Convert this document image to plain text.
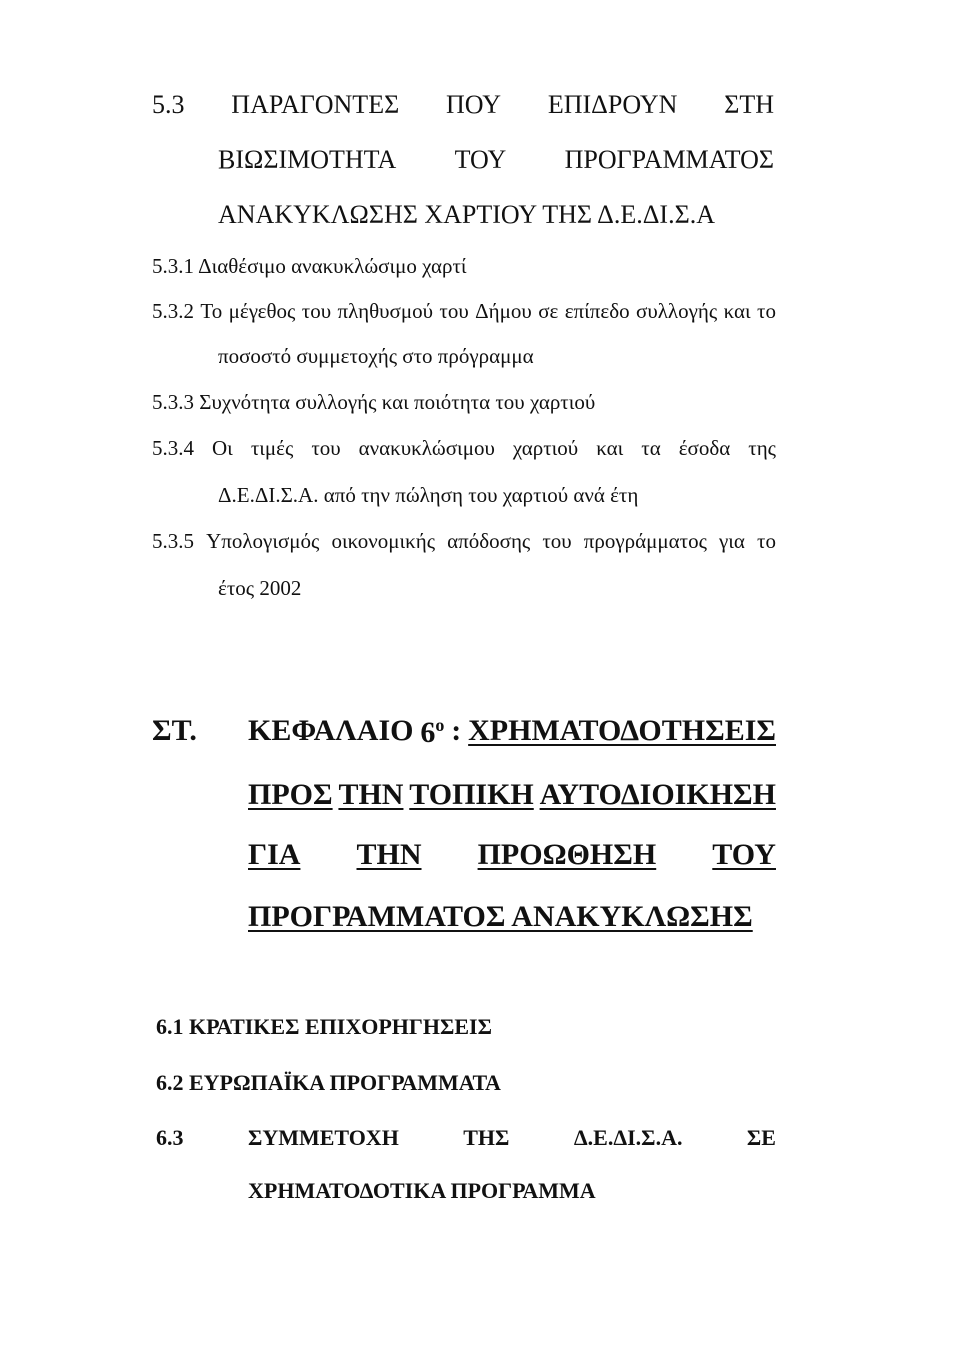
5.3 ΠΑΡΑΓΟΝΤΕΣ ΠΟΥ ΕΠΙΔΡΟΥΝ ΣΤΗ
ΒΙΩΣΙΜΟΤΗΤΑ ΤΟΥ ΠΡΟΓΡΑΜΜΑΤΟΣ
ΑΝΑΚΥΚΛΩΣΗΣ ΧΑΡΤΙΟΥ ΤΗΣ Δ.Ε.ΔΙ.Σ.Α
5.3.1 Διαθέσιμο ανακυκλώσιμο χαρτί
5.3.2 Το μέγεθος του πληθυσμού του Δήμου σε επίπεδο συλλογής και το
ποσοστό συμμετοχής στο πρόγραμμα
5.3.3 Συχνότητα συλλογής και ποιότητα του χαρτιού
5.3.4 Οι τιμές του ανακυκλώσιμου χαρτιού και τα έσοδα της
Δ.Ε.ΔΙ.Σ.Α. από την πώληση του χαρτιού ανά έτη
5.3.5 Υπολογισμός οικονομικής απόδοσης του προγράμματος για το
έτος 2002
ΣΤ. ΚΕΦΑΛΑΙΟ $6^o$ : ΧΡΗΜΑΤΟΔΟΤΗΣΕΙΣ
ΠΡΟΣ ΤΗΝ ΤΟΠΙΚΗ ΑΥΤΟΔΙΟΙΚΗΣΗ
ΓΙΑ ΤΗΝ ΠΡΟΩΘΗΣΗ ΤΟΥ
ΠΡΟΓΡΑΜΜΑΤΟΣ ΑΝΑΚΥΚΛΩΣΗΣ
6.1 ΚΡΑΤΙΚΕΣ ΕΠΙΧΟΡΗΓΗΣΕΙΣ
6.2 ΕΥΡΩΠΑΪΚΑ ΠΡΟΓΡΑΜΜΑΤΑ
6.3	ΣΥΜΜΕΤΟΧΗ	ΤΗΣ	Δ.Ε.ΔΙ.Σ.Α.	ΣΕ
ΧΡΗΜΑΤΟΔΟΤΙΚΑ ΠΡΟΓΡΑΜΜΑ
